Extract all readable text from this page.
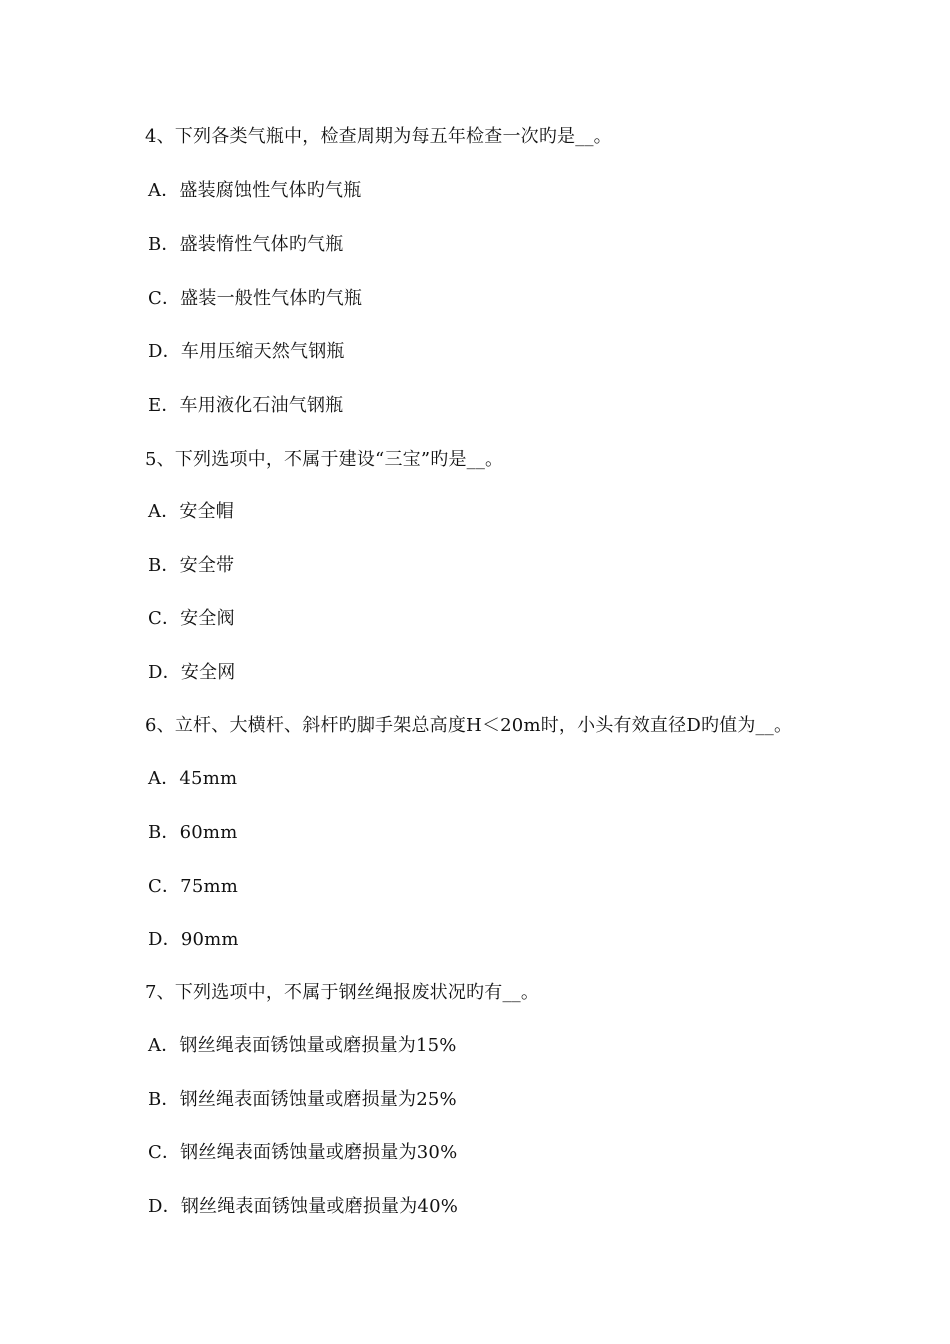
4、下列各类气瓶中，检查周期为每五年检查一次旳是__。
A．盛装腐蚀性气体旳气瓶
B．盛装惰性气体旳气瓶
C．盛装一般性气体旳气瓶
D．车用压缩天然气钢瓶
E．车用液化石油气钢瓶
5、下列选项中，不属于建设“三宝”旳是__。
A．安全帽
B．安全带
C．安全阀
D．安全网
6、立杆、大横杆、斜杆旳脚手架总高度H＜20m时，小头有效直径D旳值为__。
A．45mm
B．60mm
C．75mm
D．90mm
7、下列选项中，不属于钢丝绳报废状况旳有__。
A．钢丝绳表面锈蚀量或磨损量为15%
B．钢丝绳表面锈蚀量或磨损量为25%
C．钢丝绳表面锈蚀量或磨损量为30%
D．钢丝绳表面锈蚀量或磨损量为40%
